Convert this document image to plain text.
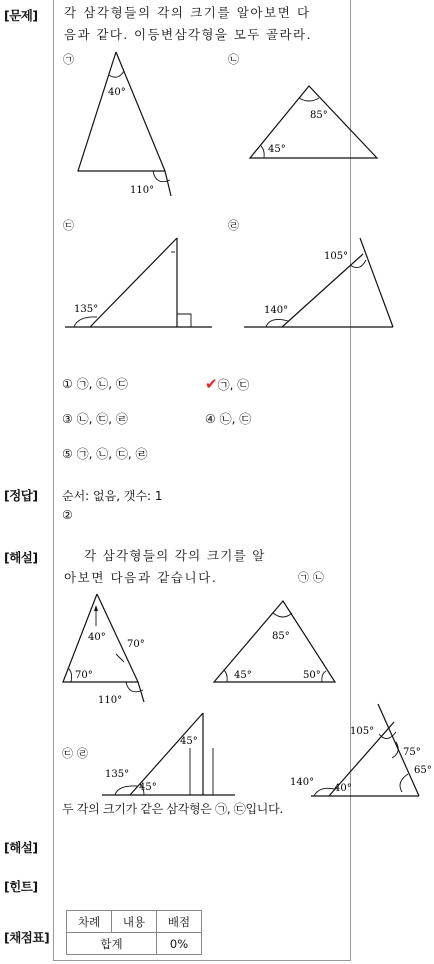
[문제]
[정답]
[해설]
[해설]
[힌트]
[채점표]
각 삼각형들의 각의 크기를 알아보면 다
음과 같다. 이등변삼각형을 모두 골라라.
㉠
40°
110°
㉡
85°
45°
㉢
135°
㉣
105°
140°
① ㉠, ㉡, ㉢	✔㉠, ㉢
③ ㉡, ㉢, ㉣	④ ㉡, ㉢
⑤ ㉠, ㉡, ㉢, ㉣
순서: 없음, 갯수: 1
②
각 삼각형들의 각의 크기를 알
아보면 다음과 같습니다.	㉠ ㉡
40°
70°
70°
110°
85°
45°	50°
㉢ ㉣
45°
135°
45°
105°
75°
65°
140°
40°
두 각의 크기가 같은 삼각형은 ㉠, ㉢입니다.
차례	내용	배점
합계		0%
